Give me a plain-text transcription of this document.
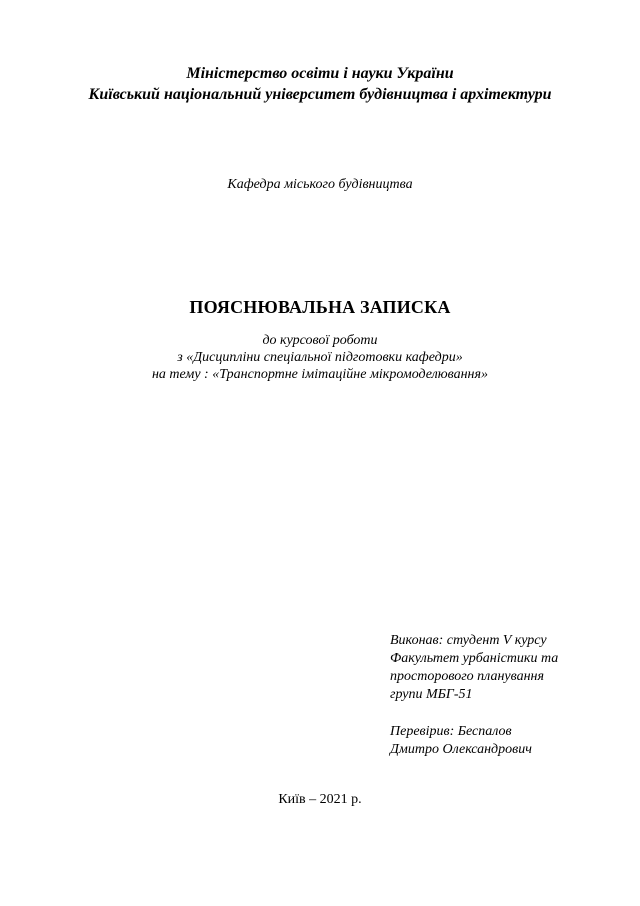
Міністерство освіти і науки України
Київський національний університет будівництва і архітектури
Кафедра міського будівництва
ПОЯСНЮВАЛЬНА ЗАПИСКА
до курсової роботи
з «Дисципліни спеціальної підготовки кафедри»
на тему : «Транспортне імітаційне мікромоделювання»
Виконав: студент V курсу
Факультет урбаністики та
просторового планування
групи МБГ-51
Перевірив: Беспалов
Дмитро Олександрович
Київ – 2021 р.
